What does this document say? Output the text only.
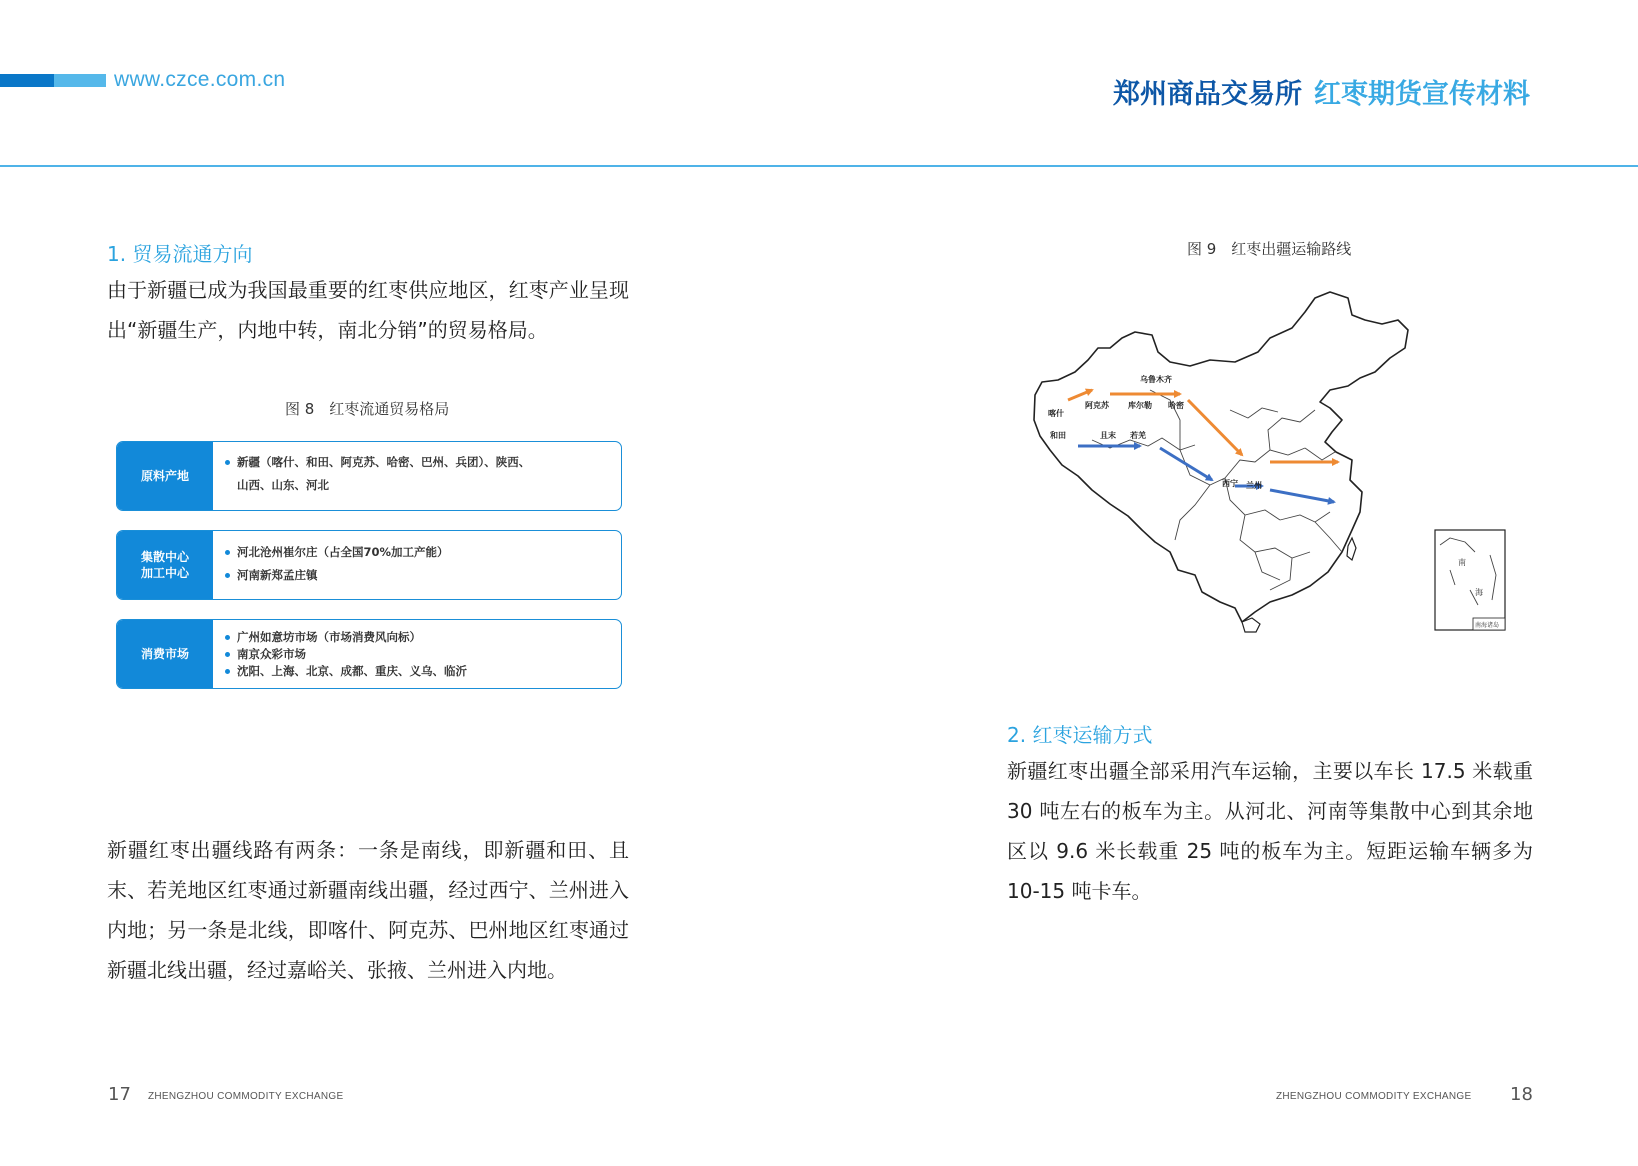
www.czce.com.cn	郑州商品交易所 红枣期货宣传材料
1. 贸易流通方向
由于新疆已成为我国最重要的红枣供应地区，红枣产业呈现出“新疆生产，内地中转，南北分销”的贸易格局。
图 8　红枣流通贸易格局
原料产地
新疆（喀什、和田、阿克苏、哈密、巴州、兵团）、陕西、
山西、山东、河北
集散中心
加工中心
河北沧州崔尔庄（占全国70%加工产能）
河南新郑孟庄镇
消费市场
广州如意坊市场（市场消费风向标）
南京众彩市场
沈阳、上海、北京、成都、重庆、义乌、临沂
新疆红枣出疆线路有两条：一条是南线，即新疆和田、且末、若羌地区红枣通过新疆南线出疆，经过西宁、兰州进入内地；另一条是北线，即喀什、阿克苏、巴州地区红枣通过新疆北线出疆，经过嘉峪关、张掖、兰州进入内地。
图 9　红枣出疆运输路线
南
海
南海诸岛
乌鲁木齐
喀什
阿克苏 库尔勒 哈密
和田	且末 若羌
西宁 兰州
2. 红枣运输方式
新疆红枣出疆全部采用汽车运输，主要以车长 17.5 米载重 30 吨左右的板车为主。从河北、河南等集散中心到其余地区以 9.6 米长载重 25 吨的板车为主。短距运输车辆多为 10-15 吨卡车。
17 ZHENGZHOU COMMODITY EXCHANGE	ZHENGZHOU COMMODITY EXCHANGE 18
